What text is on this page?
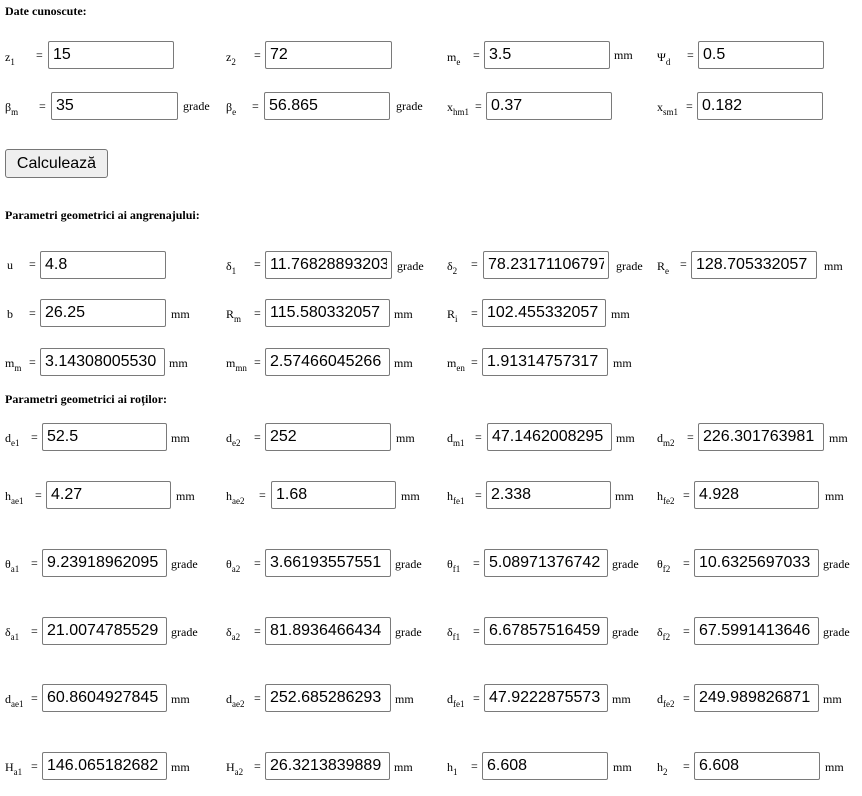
Date cunoscute:
$z_1$ =
15	$z_2$ =
72	$m_e$ =
3.5	mm $\Psi_d$ =
0.5
$\beta_m$ =
35	grade $\beta_e$ =
56.865	grade $x_{hm1}$ =
0.37	$x_{sm1}$ =
0.182
Calculează
Parametri geometrici ai angrenajului:
u =
4.8	$\delta_1$ =
11.76828893203	grade $\delta_2$ =
78.23171106797	grade $R_e$ =
128.705332057	mm
b =
26.25	mm	$R_m$ =
115.580332057	mm	$R_i$ =
102.455332057	mm
$m_m$ =
3.14308005530	mm	$m_{mn}$ =
2.57466045266	mm	$m_{en}$ =
1.91314757317	mm
Parametri geometrici ai roților:
$d_{e1}$ =
52.5	mm	$d_{e2}$ =
252	mm	$d_{m1}$ =
47.1462008295	mm $d_{m2}$ =
226.301763981	mm
$h_{ae1}$ =
4.27	mm	$h_{ae2}$ =
1.68	mm $h_{fe1}$ =
2.338	mm $h_{fe2}$ =
4.928	mm
$\theta_{a1}$ =
9.23918962095	grade $\theta_{a2}$ =
3.66193557551	grade $\theta_{f1}$ =
5.08971376742	grade $\theta_{f2}$ =
10.6325697033	grade
$\delta_{a1}$ =
21.0074785529	grade $\delta_{a2}$ =
81.8936466434	grade $\delta_{f1}$ =
6.67857516459	grade $\delta_{f2}$ =
67.5991413646	grade
$d_{ae1}$ =
60.8604927845	mm	$d_{ae2}$ =
252.685286293	mm	$d_{fe1}$ =
47.9222875573	mm $d_{fe2}$ =
249.989826871	mm
$H_{a1}$ =
146.065182682	mm	$H_{a2}$ =
26.3213839889	mm	$h_1$ =
6.608	mm $h_2$ =
6.608	mm
